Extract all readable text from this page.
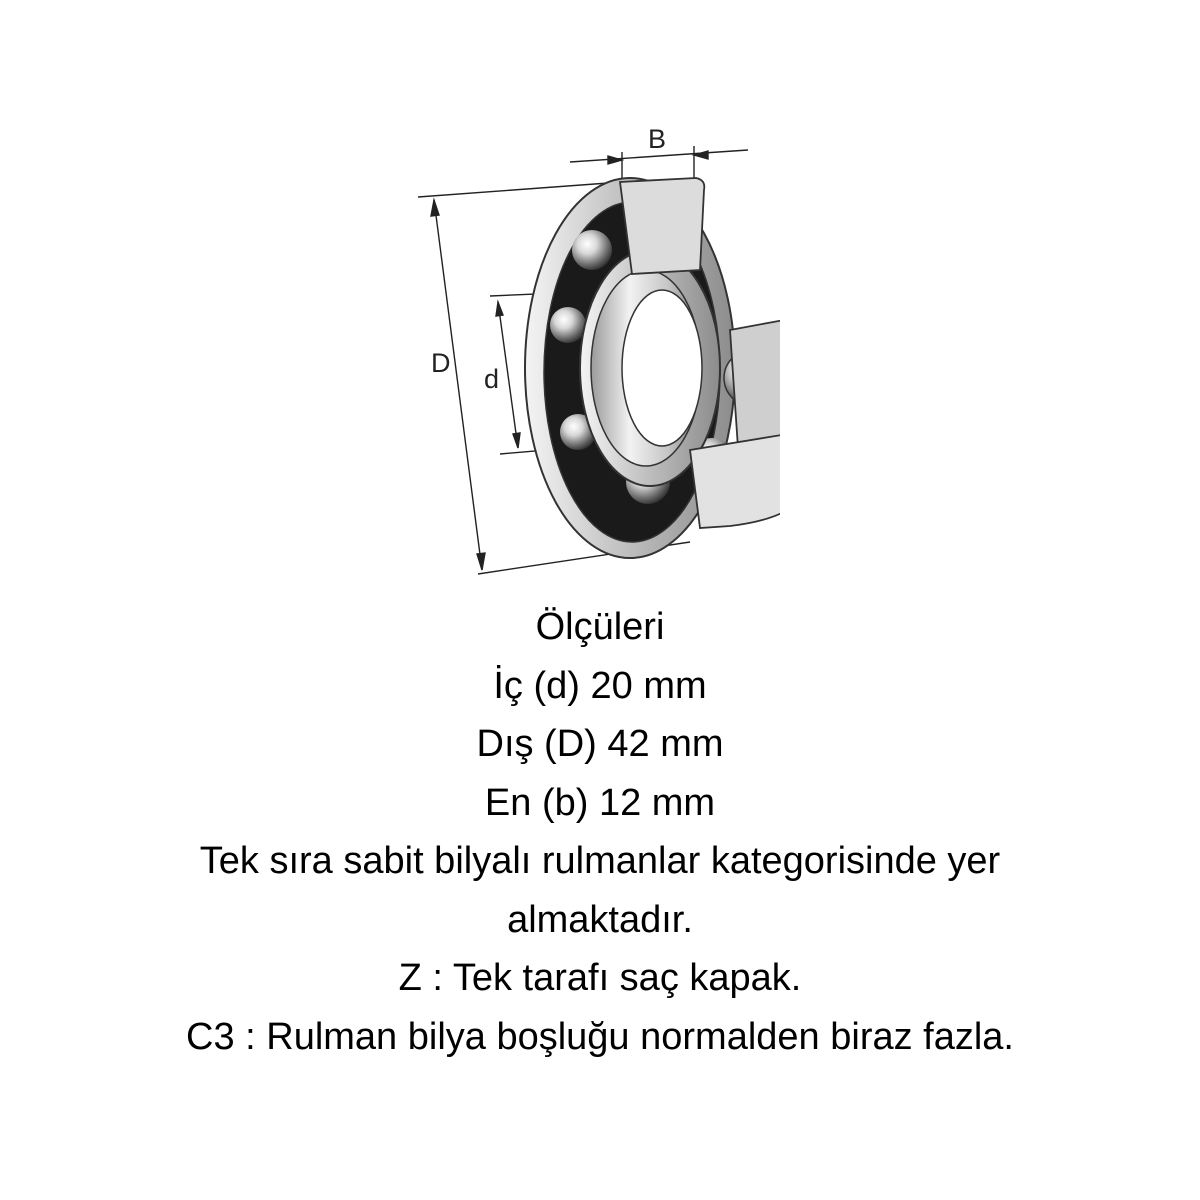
B
D
d
Ölçüleri
İç (d) 20 mm
Dış (D) 42 mm
En (b) 12 mm
Tek sıra sabit bilyalı rulmanlar kategorisinde yer
almaktadır.
Z : Tek tarafı saç kapak.
C3 : Rulman bilya boşluğu normalden biraz fazla.
